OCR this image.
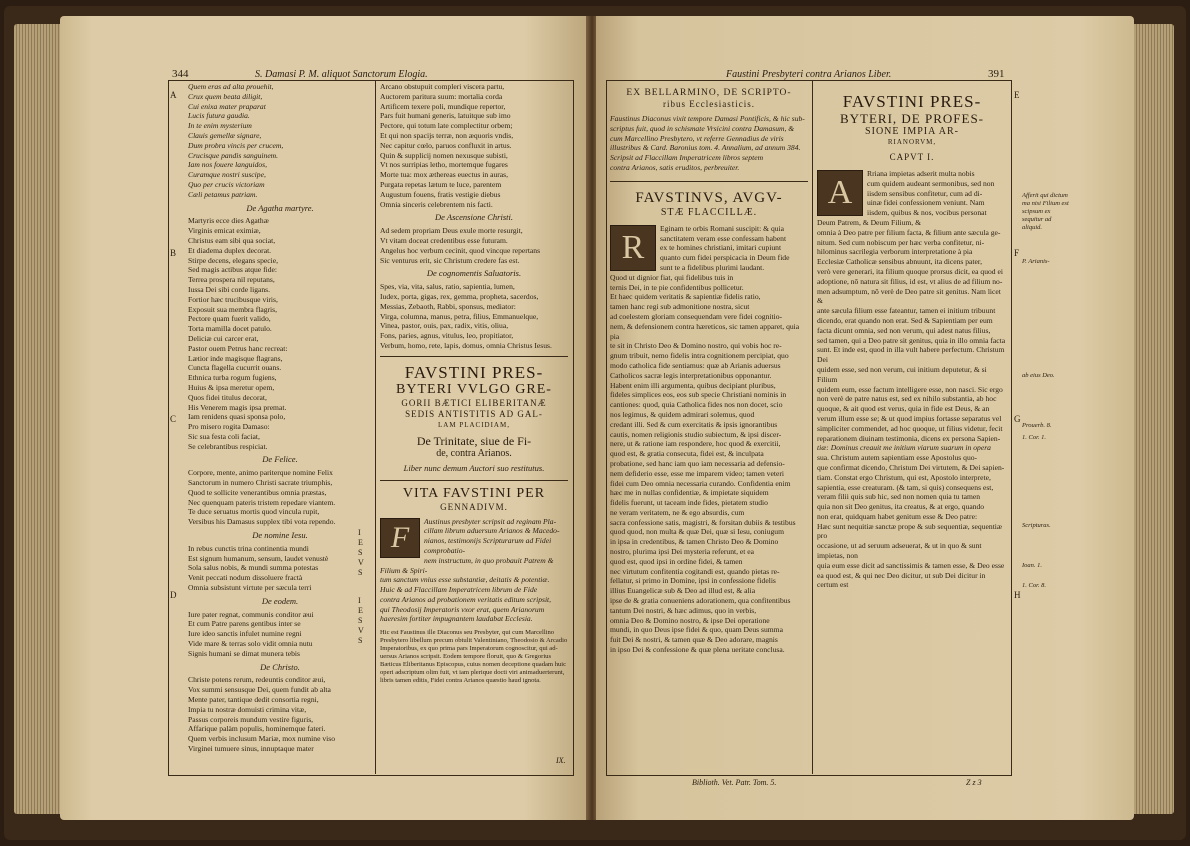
344	S. Damasi P. M. aliquot Sanctorum Elogia.
A
B
C
D

Quem eras ad alta prouehit,

Crux quem beata diligit,

Cui enixa mater praparat

Lucis futura gaudia.

In te enim mysterium

Clauis gemellæ signare,

Dum probra vincis per crucem,

Crucisque pandis sanguinem.

Iam nos fouere languidos,

Curamque nostri suscipe,

Quo per crucis victoriam

Cæli petamus patriam.

De Agatha martyre.

Martyris ecce dies Agathæ

Virginis emicat eximiæ,

Christus eam sibi qua sociat,

Et diadema duplex decorat.

Stirpe decens, elegans specie,

Sed magis actibus atque fide:

Terrea prospera nil reputans,

Iussa Dei sibi corde ligans.

Fortior hæc trucibusque viris,

Exposuit sua membra flagris,

Pectore quam fuerit valido,

Torta mamilla docet patulo.

Deliciæ cui carcer erat,

Pastor ouem Petrus hanc recreat:

Lætior inde magisque flagrans,

Cuncta flagella cucurrit ouans.

Ethnica turba rogum fugiens,

Huius & ipsa meretur opem,

Quos fidei titulus decorat,

His Venerem magis ipsa premat.

Iam renidens quasi sponsa polo,

Pro misero rogita Damaso:

Sic sua festa coli faciat,

Se celebrantibus respiciat.

De Felice.

Corpore, mente, animo pariterque nomine Felix

Sanctorum in numero Christi sacrate triumphis,

Quod te sollicite venerantibus omnia præstas,

Nec quenquam pateris tristem repedare viantem.

Te duce seruatus mortis quod vincula rupit,

Versibus his Damasus supplex tibi vota rependo.

De nomine Iesu.

In rebus cunctis trina continentia mundi

Est signum humanum, sensum, laudet venustè

Sola salus nobis, & mundi summa potestas

Venit peccati nodum dissoluere fractà

Omnia subsistunt virtute per sæcula terri

De eodem.

Iure pater regnat, communis conditor æui

Et cum Patre parens gentibus inter se

Iure ideo sanctis infulet numine regni

Vide mare & terras solo vidit omnia nutu

Signis humani se dimat munera tebis

De Christo.

Christe potens rerum, redeuntis conditor æui,

Vox summi sensusque Dei, quem fundit ab alta

Mente pater, tantique dedit consortia regni,

Impia tu nostræ domuisti crimina vitæ,

Passus corporeis mundum vestire figuris,

Affarique palàm populis, hominemque fateri.

Quem verbis inclusum Mariæ, mox numine viso

Virginei tumuere sinus, innuptaque mater

I
E
S
V
S
I
E
S
V
S

Arcano obstupuit compleri viscera partu,

Auctorem paritura suum: mortalia corda

Artificem texere poli, mundique repertor,

Pars fuit humani generis, latuitque sub imo

Pectore, qui totum late complectitur orbem;

Et qui non spacijs terræ, non æquoris vndis,

Nec capitur cœlo, paruos confluxit in artus.

Quin & supplicij nomen nexusque subisti,

Vt nos surripias letho, mortemque fugares

Morte tua: mox æthereas euectus in auras,

Purgata repetas lætum te luce, parentem

Augustum fouens, fratis vestigie diebus

Omnia sinceris celebrentem nis facti.

De Ascensione Christi.

Ad sedem propriam Deus exule morte resurgit,

Vt vitam doceat credentibus esse futuram.

Angelus hoc verbum cecinit, quod vincque repertans

Sic venturus erit, sic Christum credere fas est.

De cognomentis Saluatoris.

Spes, via, vita, salus, ratio, sapientia, lumen,

Iudex, porta, gigas, rex, gemma, propheta, sacerdos,

Messias, Zebaoth, Rabbi, sponsus, mediator:

Virga, columna, manus, petra, filius, Emmanuelque,

Vinea, pastor, ouis, pax, radix, vitis, oliua,

Fons, paries, agnus, vitulus, leo, propitiator,

Verbum, homo, rete, lapis, domus, omnia Christus Iesus.

FAVSTINI PRES-

BYTERI VVLGO GRE-

GORII BÆTICI ELIBERITANÆ

SEDIS ANTISTITIS AD GAL-

LAM PLACIDIAM,

De Trinitate, siue de Fi-

de, contra Arianos.

Liber nunc demum Auctori suo restitutus.

VITA FAVSTINI PER

GENNADIVM.

F	Austinus presbyter scripsit ad reginam Pla-

cillam librum aduersum Arianos & Macedo-

nianos, testimonijs Scripturarum ad Fidei comprobatio-

nem instructum, in quo probauit Patrem & Filium & Spiri-

tum sanctum vnius esse substantiæ, deitatis & potentiæ.

Huic & ad Flaccillam Imperatricem librum de Fide

contra Arianos ad probationem veritatis editum scripsit,

qui Theodosij Imperatoris vxor erat, quem Arianorum

haeresim fortiter impugnantem laudabat Ecclesia.

Hic est Faustinus ille Diaconus seu Presbyter, qui cum Marcellino

Presbytero libellum precum obtulit Valentiniano, Theodosio & Arcadio

Imperatoribus, ex quo prima pars Imperatorum cognoscitur, qui ad-

uersus Arianos scripsit. Eodem tempore floruit, quo & Gregorius

Bæticus Eliberitanus Episcopus, cuius nomen deceptione quadam huic

operi adscriptum olim fuit, vt iam plerique docti viri animaduerterunt,

libris tamen editis, Fidei contra Arianos quæstio haud ignota.

IX.
Faustini Presbyteri contra Arianos Liber.	391
E
F
G
H

EX BELLARMINO, DE SCRIPTO-

ribus Ecclesiasticis.

Faustinus Diaconus vixit tempore Damasi Pontificis, & hic sub-

scriptus fuit, quod in schismate Vrsicini contra Damasum, &

cum Marcellino Presbytero, vt referre Gennadius de viris

illustribus & Card. Baronius tom. 4. Annalium, ad annum 384.

Scripsit ad Flaccillam Imperatricem libros septem

contra Arianos, satis eruditos, perbreuiter.

FAVSTINVS, AVGV-

STÆ FLACCILLÆ.

R

Eginam te orbis Romani suscipit: & quia

sanctitatem veram esse confessam habent

ex te homines christiani, imitari cupiunt

quanto cum fidei perspicacia in Deum fide

sunt te a fidelibus plurimi laudant.

Quod ut dignior fiat, qui fidelibus tuis in

ternis Dei, in te pie confidentibus pollicetur.

Et haec quidem veritatis & sapientiæ fidelis ratio,

tamen hanc regi sub admonitione nostra, sicut

ad coelestem gloriam consequendam vere fidei cognitio-

nem, & defensionem contra hæreticos, sic tamen apparet, quia pia

te sit in Christo Deo & Domino nostro, qui vobis hoc re-

gnum tribuit, nemo fidelis intra cognitionem percipiat, quo

modo catholica fide sentiamus: quæ ab Arianis aduersus

Catholicos sacræ legis interpretationibus opponantur.

Habent enim illi argumenta, quibus decipiant pluribus,

fideles simplices eos, eos sub specie Christiani nominis in

cantiones: quod, quia Catholica fides nos non docet, scio

nos legimus, & quidem admirari solemus, quod

credant illi. Sed & cum exercitatis & ipsis ignorantibus

cautis, nomen religionis studio subiectum, & ipsi discer-

nere, ut & ratione iam respondere, hoc quod & exercitii,

quod est, & gratia consecuta, fidei est, & inculpata

probatione, sed hanc iam quo iam necessaria ad defensio-

nem defiderio esse, esse me imparem video; tamen veteri

fidei cum Deo omnia necessaria curando. Confidentia enim

hæc me in nullas confidentiæ, & impietate siquidem

fidelis fuerunt, ut taceam inde fides, pietatem studio

ne veram veritatem, ne & ego absurdis, cum

sacra confessione satis, magistri, & forsitan dubiis & testibus

quod quod, non multa & quæ Dei, quæ si Iesu, coniugum

in ipsa in credentibus, & tamen Christo Deo & Domino

nostro, plurima ipsi Dei mysteria referunt, et ea

quod est, quod ipsi in ordine fidei, & tamen

nec virtutum confitentia cogitandi est, quando pietas re-

fellatur, si primo in Domine, ipsi in confessione fidelis

illius Euangelicæ sub & Deo ad illud est, & alia

ipse de & gratia conueniens adorationem, qua confitentibus

tantum Dei nostri, & hæc adimus, quo in verbis,

omnia Deo & Domino nostro, & ipse Dei operatione

mundi, in quo Deus ipse fidei & quo, quam Deus summa

fuit Dei & nostri, & tamen quæ & Deo adorare, magnis

in ipso Dei & confessione & quæ plena ueritate conclusa.

FAVSTINI PRES-

BYTERI, DE PROFES-

SIONE IMPIA AR-

RIANORVM,

CAPVT I.

A

Rriana impietas adserit multa nobis

cum quidem audeant sermonibus, sed non

iisdem sensibus confitetur, cum ad di-

uinæ fidei confessionem veniunt. Nam

iisdem, quibus & nos, vocibus personat

Deum Patrem, & Deum Filium, &

omnia à Deo patre per filium facta, & filium ante sæcula ge-

nitum. Sed cum nobiscum per hæc verba confitetur, ni-

hilominus sacrilegia verborum interpretatione à pia

Ecclesiæ Catholicæ sensibus abnuunt, ita dicens pater,

verò vere generari, ita filium quoque prorsus dicit, ea quod ei

adoptione, nō natura sit filius, id est, vt alius de ad filium no-

men adsumptum, nō verè de Deo patre sit genitus. Nam licet &

ante sæcula filium esse fateantur, tamen ei initium tribuunt

dicendo, erat quando non erat. Sed & Sapientiam per eum

facta dicunt omnia, sed non verum, qui adest natus filius,

sed tamen, qui a Deo patre sit genitus, quia in illo omnia facta

sunt. Et inde est, quod in illa vult habere perfectum. Christum Dei

quidem esse, sed non verum, cui initium deputetur, & si Filium

quidem eum, esse factum intelligere esse, non nasci. Sic ergo

non verè de patre natus est, sed ex nihilo substantia, ab hoc

quoque, & ait quod est verus, quia in fide est Deus, & an

verum illum esse se; & ut quod impius fortasse separatus vel

simpliciter commendet, ad hoc quoque, ut filius videtur, fecit

reparationem diuinam testimonia, dicens ex persona Sapien-

tiæ: Dominus creauit me initium viarum suarum in opera

sua. Christum autem sapientiam esse Apostolus quo-

que confirmat dicendo, Christum Dei virtutem, & Dei sapien-

tiam. Constat ergo Christum, qui est, Apostolo interprete,

sapientia, esse creaturam. (& tam, si quis) consequens est,

veram filii quis sub hic, sed non nomen quia tu tamen

quia non sit Deo genitus, ita creatus, & at ergo, quando

non erat, quidquam habet genitum esse & Deo patre:

Hæc sunt nequitiæ sanctæ prope & sub sequentiæ, sequentiæ pro

occasione, ut ad seruum adseuerat, & ut in quo & sunt impietas, non

quia eum esse dicit ad sanctissimis & tamen esse, & Deo esse

ea quod est, & qui nec Deo dicitur, ut sub Dei dicitur in certum est

Afferit qui dictum ma nisi Filium est scipsum ex sequitur ad aliquid.
P. Arianis-
ab eius Deo.
Prouerb. 8.
1. Cor. 1.
Scripturas.
Ioan. 1.
1. Cor. 8.
Biblioth. Vet. Patr. Tom. 5.	Z z 3
